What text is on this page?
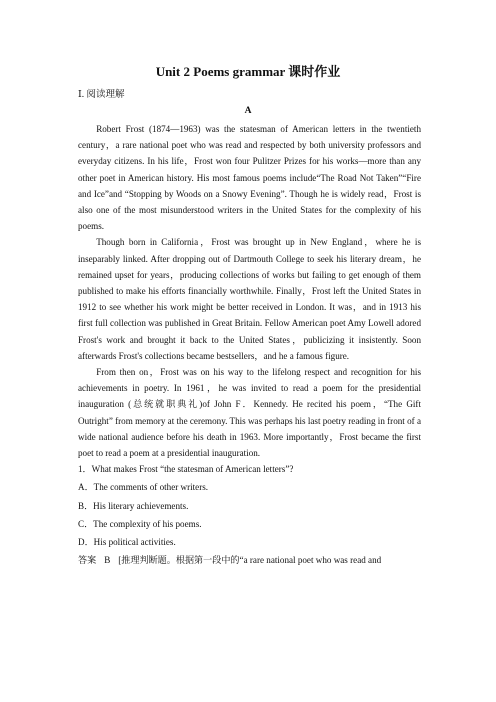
Unit 2 Poems grammar 课时作业
Ⅰ. 阅读理解
A

Robert Frost (1874—1963) was the statesman of American letters in the twentieth century，a rare national poet who was read and respected by both university professors and everyday citizens. In his life，Frost won four Pulitzer Prizes for his works—more than any other poet in American history. His most famous poems include“The Road Not Taken”“Fire and Ice”and “Stopping by Woods on a Snowy Evening”. Though he is widely read，Frost is also one of the most misunderstood writers in the United States for the complexity of his poems.

Though born in California，Frost was brought up in New England，where he is inseparably linked. After dropping out of Dartmouth College to seek his literary dream，he remained upset for years，producing collections of works but failing to get enough of them published to make his efforts financially worthwhile. Finally，Frost left the United States in 1912 to see whether his work might be better received in London. It was，and in 1913 his first full collection was published in Great Britain. Fellow American poet Amy Lowell adored Frost's work and brought it back to the United States，publicizing it insistently. Soon afterwards Frost's collections became bestsellers，and he a famous figure.

From then on，Frost was on his way to the lifelong respect and recognition for his achievements in poetry. In 1961，he was invited to read a poem for the presidential inauguration (总统就职典礼)of John F．Kennedy. He recited his poem，“The Gift Outright” from memory at the ceremony. This was perhaps his last poetry reading in front of a wide national audience before his death in 1963. More importantly，Frost became the first poet to read a poem at a presidential inauguration.

1．What makes Frost “the statesman of American letters”?

A．The comments of other writers.

B．His literary achievements.

C．The complexity of his poems.

D．His political activities.

答案 B [推理判断题。根据第一段中的“a rare national poet who was read and
